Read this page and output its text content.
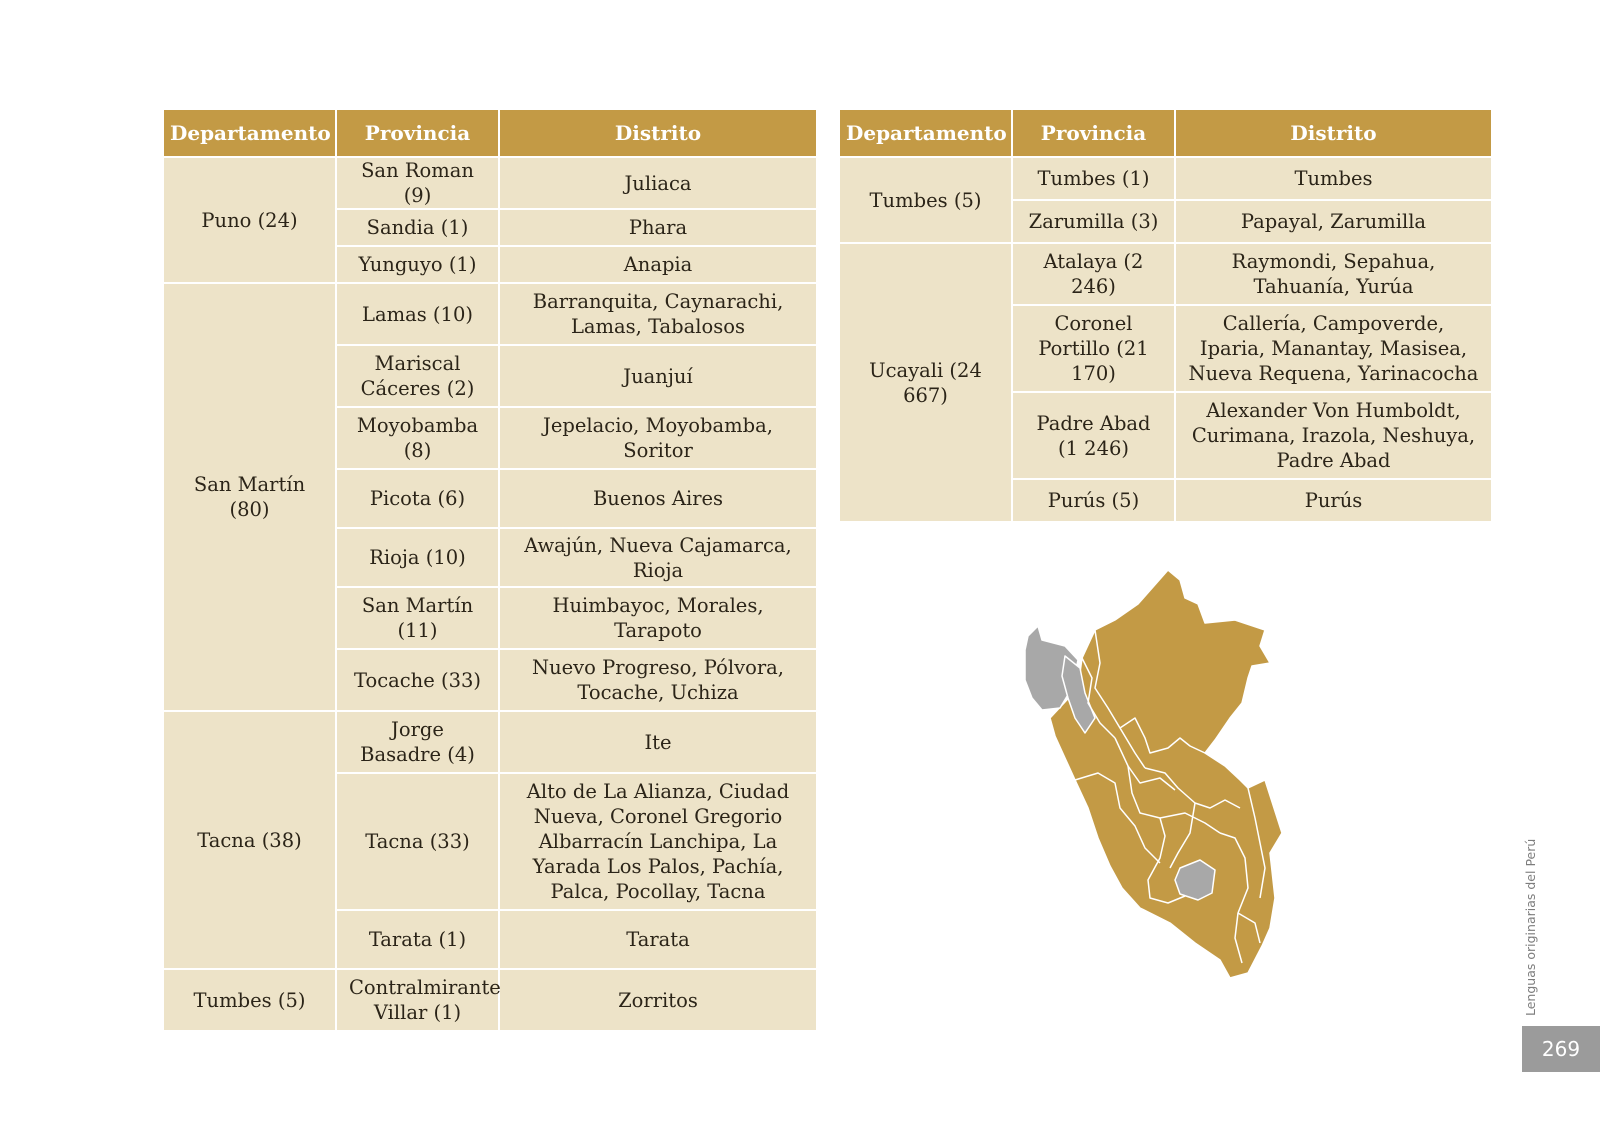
Departamento	Provincia	Distrito
Puno (24)	San Roman (9)	Juliaca
	Sandia (1)	Phara
	Yunguyo (1)	Anapia
San Martín (80)	Lamas (10)	Barranquita, Caynarachi, Lamas, Tabalosos
	Mariscal Cáceres (2)	Juanjuí
	Moyobamba (8)	Jepelacio, Moyobamba, Soritor
	Picota (6)	Buenos Aires
	Rioja (10)	Awajún, Nueva Cajamarca, Rioja
	San Martín (11)	Huimbayoc, Morales, Tarapoto
	Tocache (33)	Nuevo Progreso, Pólvora, Tocache, Uchiza
Tacna (38)	Jorge Basadre (4)	Ite
	Tacna (33)	Alto de La Alianza, Ciudad Nueva, Coronel Gregorio Albarracín Lanchipa, La Yarada Los Palos, Pachía, Palca, Pocollay, Tacna
	Tarata (1)	Tarata
Tumbes (5)	Contralmirante Villar (1)	Zorritos
Departamento	Provincia	Distrito
Tumbes (5)	Tumbes (1)	Tumbes
	Zarumilla (3)	Papayal, Zarumilla
Ucayali (24 667)	Atalaya (2 246)	Raymondi, Sepahua, Tahuanía, Yurúa
	Coronel Portillo (21 170)	Callería, Campoverde, Iparia, Manantay, Masisea, Nueva Requena, Yarinacocha
	Padre Abad (1 246)	Alexander Von Humboldt, Curimana, Irazola, Neshuya, Padre Abad
	Purús (5)	Purús
Lenguas originarias del Perú
269
